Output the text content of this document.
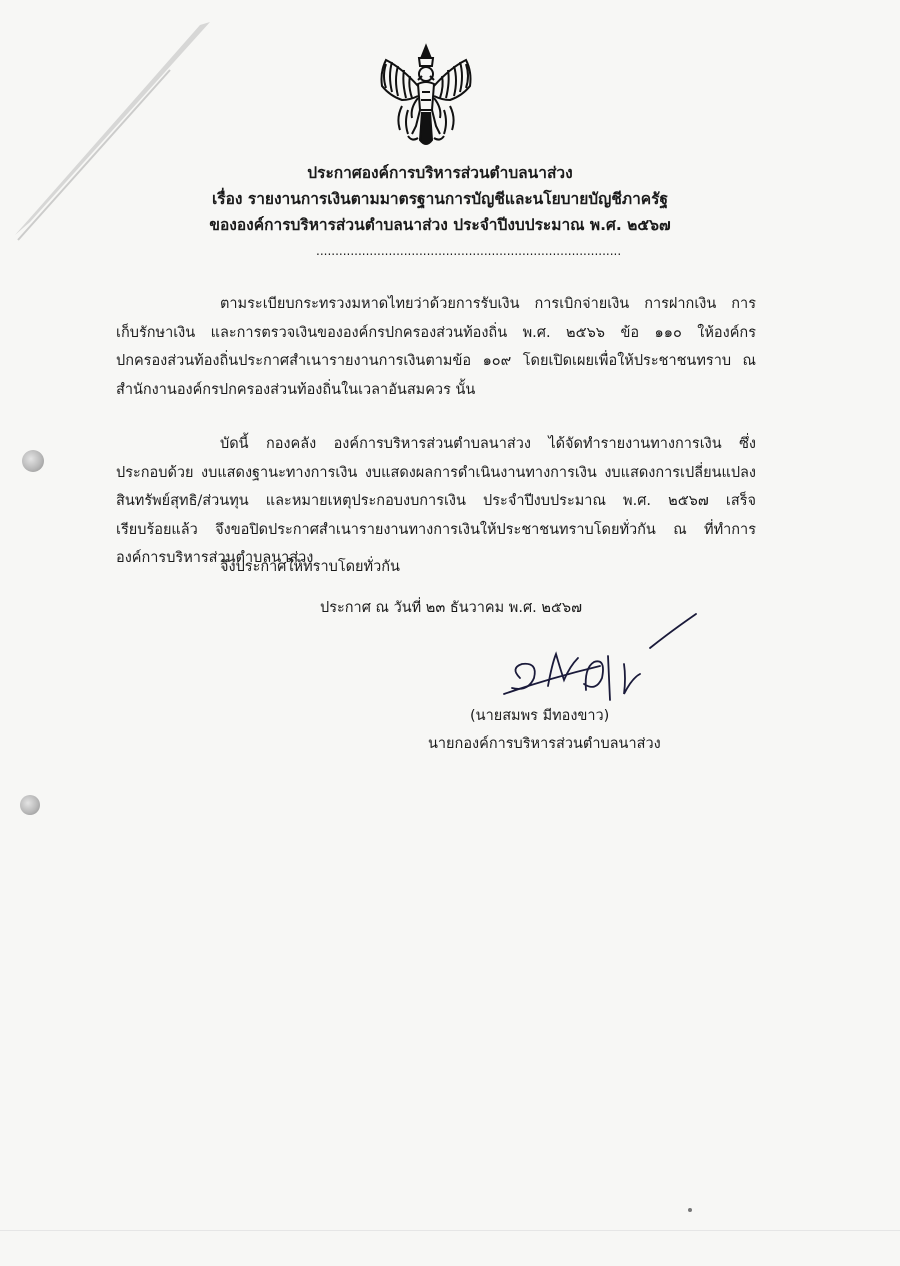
ประกาศองค์การบริหารส่วนตำบลนาส่วง
เรื่อง รายงานการเงินตามมาตรฐานการบัญชีและนโยบายบัญชีภาครัฐ
ขององค์การบริหารส่วนตำบลนาส่วง ประจำปีงบประมาณ พ.ศ. ๒๕๖๗
................................................................................
ตามระเบียบกระทรวงมหาดไทยว่าด้วยการรับเงิน การเบิกจ่ายเงิน การฝากเงิน การ
เก็บรักษาเงิน และการตรวจเงินขององค์กรปกครองส่วนท้องถิ่น พ.ศ. ๒๕๖๖ ข้อ ๑๑๐ ให้องค์กร
ปกครองส่วนท้องถิ่นประกาศสำเนารายงานการเงินตามข้อ ๑๐๙ โดยเปิดเผยเพื่อให้ประชาชนทราบ ณ
สำนักงานองค์กรปกครองส่วนท้องถิ่นในเวลาอันสมควร นั้น
บัดนี้ กองคลัง องค์การบริหารส่วนตำบลนาส่วง ได้จัดทำรายงานทางการเงิน ซึ่ง
ประกอบด้วย งบแสดงฐานะทางการเงิน งบแสดงผลการดำเนินงานทางการเงิน งบแสดงการเปลี่ยนแปลง
สินทรัพย์สุทธิ/ส่วนทุน และหมายเหตุประกอบงบการเงิน ประจำปีงบประมาณ พ.ศ. ๒๕๖๗ เสร็จ
เรียบร้อยแล้ว จึงขอปิดประกาศสำเนารายงานทางการเงินให้ประชาชนทราบโดยทั่วกัน ณ ที่ทำการ
องค์การบริหารส่วนตำบลนาส่วง
จึงประกาศให้ทราบโดยทั่วกัน
ประกาศ ณ วันที่ ๒๓ ธันวาคม พ.ศ. ๒๕๖๗
(นายสมพร มีทองขาว)
นายกองค์การบริหารส่วนตำบลนาส่วง
